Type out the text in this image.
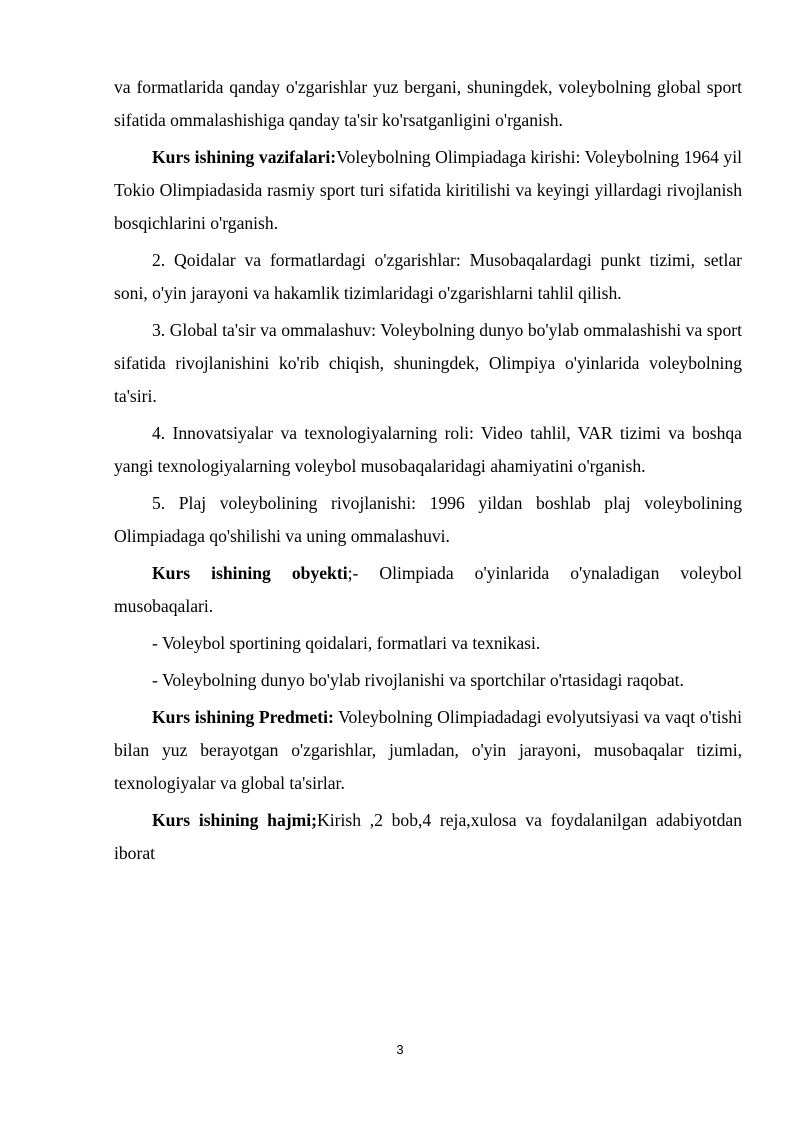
va formatlarida qanday o'zgarishlar yuz bergani, shuningdek, voleybolning global sport sifatida ommalashishiga qanday ta'sir ko'rsatganligini o'rganish.

Kurs ishining vazifalari:Voleybolning Olimpiadaga kirishi: Voleybolning 1964 yil Tokio Olimpiadasida rasmiy sport turi sifatida kiritilishi va keyingi yillardagi rivojlanish bosqichlarini o'rganish.

2. Qoidalar va formatlardagi o'zgarishlar: Musobaqalardagi punkt tizimi, setlar soni, o'yin jarayoni va hakamlik tizimlaridagi o'zgarishlarni tahlil qilish.

3. Global ta'sir va ommalashuv: Voleybolning dunyo bo'ylab ommalashishi va sport sifatida rivojlanishini ko'rib chiqish, shuningdek, Olimpiya o'yinlarida voleybolning ta'siri.

4. Innovatsiyalar va texnologiyalarning roli: Video tahlil, VAR tizimi va boshqa yangi texnologiyalarning voleybol musobaqalaridagi ahamiyatini o'rganish.

5. Plaj voleybolining rivojlanishi: 1996 yildan boshlab plaj voleybolining Olimpiadaga qo'shilishi va uning ommalashuvi.

Kurs ishining obyekti;- Olimpiada o'yinlarida o'ynaladigan voleybol musobaqalari.

- Voleybol sportining qoidalari, formatlari va texnikasi.

- Voleybolning dunyo bo'ylab rivojlanishi va sportchilar o'rtasidagi raqobat.

Kurs ishining Predmeti: Voleybolning Olimpiadadagi evolyutsiyasi va vaqt o'tishi bilan yuz berayotgan o'zgarishlar, jumladan, o'yin jarayoni, musobaqalar tizimi, texnologiyalar va global ta'sirlar.

Kurs ishining hajmi;Kirish ,2 bob,4 reja,xulosa va foydalanilgan adabiyotdan iborat

3
